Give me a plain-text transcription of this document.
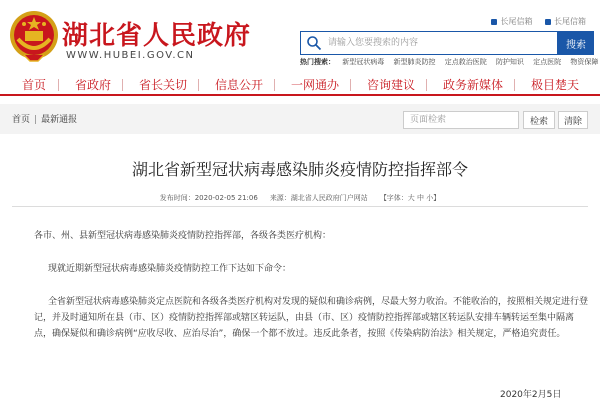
湖北省人民政府
WWW.HUBEI.GOV.CN
长尾信箱	长尾信箱
请输入您要搜索的内容
搜索
热门搜索： 新型冠状病毒 新型肺炎防控 定点救治医院 防护知识 定点医院 物资保障
首页 省政府 省长关切 信息公开 一网通办 咨询建议 政务新媒体 极目楚天
首页 | 最新通报
页面检索	检索	清除
湖北省新型冠状病毒感染肺炎疫情防控指挥部令
发布时间：2020-02-05 21:06 来源：湖北省人民政府门户网站 【字体：大 中 小】

各市、州、县新型冠状病毒感染肺炎疫情防控指挥部，各级各类医疗机构：

现就近期新型冠状病毒感染肺炎疫情防控工作下达如下命令：

全省新型冠状病毒感染肺炎定点医院和各级各类医疗机构对发现的疑似和确诊病例，尽最大努力收治。不能收治的，按照相关规定进行登记，并及时通知所在县（市、区）疫情防控指挥部或辖区转运队，由县（市、区）疫情防控指挥部或辖区转运队安排车辆转运至集中隔离点，确保疑似和确诊病例“应收尽收、应治尽治”，确保一个都不放过。违反此条者，按照《传染病防治法》相关规定，严格追究责任。

2020年2月5日
